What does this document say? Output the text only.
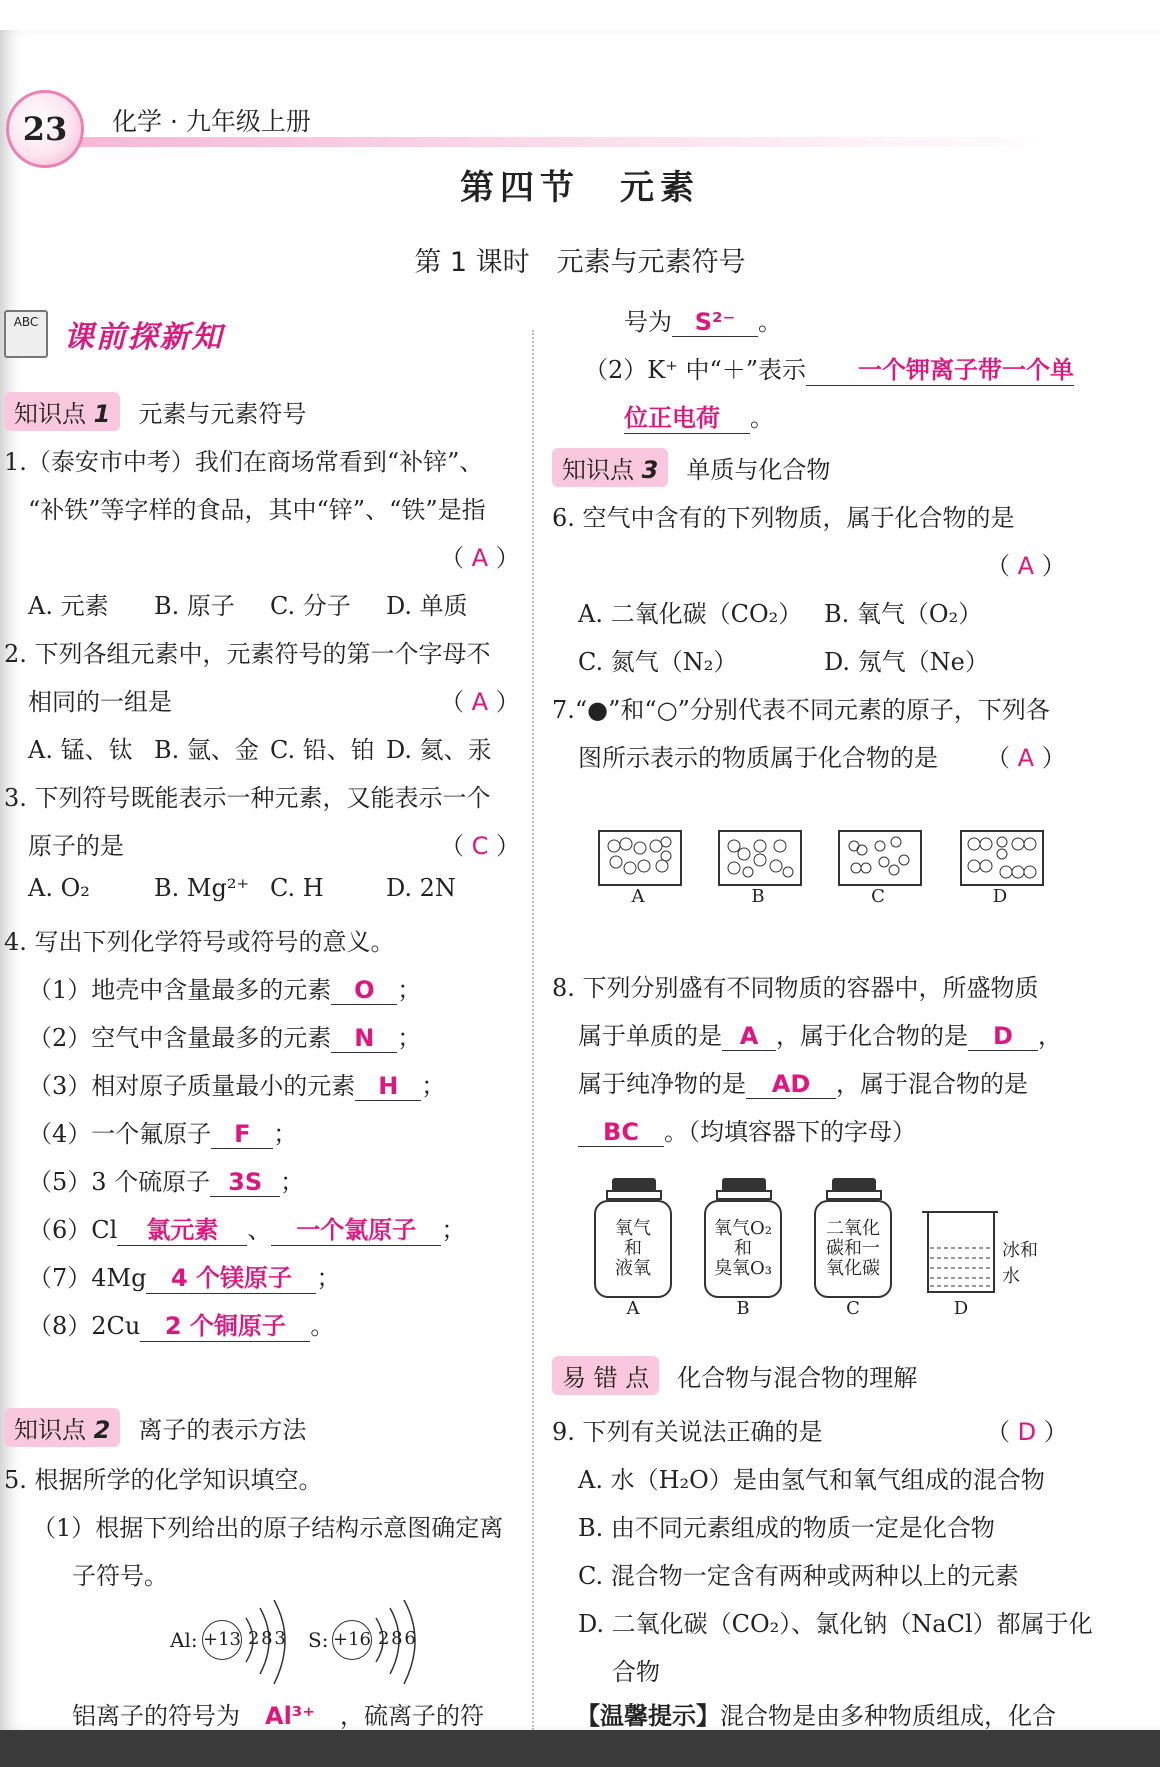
23	化学 · 九年级上册
第四节　元素
第 1 课时　元素与元素符号
ABC 课前探新知
知识点 1 元素与元素符号
1.（泰安市中考）我们在商场常看到“补锌”、
“补铁”等字样的食品，其中“锌”、“铁”是指
（ A ）
A. 元素 B. 原子 C. 分子 D. 单质
2. 下列各组元素中，元素符号的第一个字母不
相同的一组是	（ A ）
A. 锰、钛 B. 氩、金 C. 铅、铂 D. 氦、汞
3. 下列符号既能表示一种元素，又能表示一个
原子的是	（ C ）
A. O₂	B. Mg²⁺ C. H	D. 2N
4. 写出下列化学符号或符号的意义。
（1）地壳中含量最多的元素 O ；
（2）空气中含量最多的元素 N ；
（3）相对原子质量最小的元素 H ；
（4）一个氟原子 F ；
（5）3 个硫原子 3S ；
（6）Cl 氯元素 、 一个氯原子 ；
（7）4Mg 4 个镁原子 ；
（8）2Cu 2 个铜原子 。
知识点 2 离子的表示方法
5. 根据所学的化学知识填空。
（1）根据下列给出的原子结构示意图确定离
子符号。
Al: +13 2 8 3 S: +16 2 8 6
铝离子的符号为 Al³⁺ ，硫离子的符
号为 S²⁻ 。
（2）K⁺ 中“＋”表示 一个钾离子带一个单
位正电荷 。
知识点 3 单质与化合物
6. 空气中含有的下列物质，属于化合物的是
（ A ）
A. 二氧化碳（CO₂） B. 氧气（O₂）
C. 氮气（N₂）	D. 氖气（Ne）
7.“●”和“○”分别代表不同元素的原子，下列各
图所示表示的物质属于化合物的是 （ A ）
A	B	C	D
8. 下列分别盛有不同物质的容器中，所盛物质
属于单质的是 A ，属于化合物的是 D ，
属于纯净物的是 AD ，属于混合物的是
BC 。（均填容器下的字母）
氧气
和
液氧
A
氧气O₂
和
臭氧O₃
B
二氧化
碳和一
氧化碳
C
冰和
水
D
易 错 点 化合物与混合物的理解
9. 下列有关说法正确的是	（ D ）
A. 水（H₂O）是由氢气和氧气组成的混合物
B. 由不同元素组成的物质一定是化合物
C. 混合物一定含有两种或两种以上的元素
D. 二氧化碳（CO₂）、氯化钠（NaCl）都属于化
合物
【温馨提示】混合物是由多种物质组成，化合
